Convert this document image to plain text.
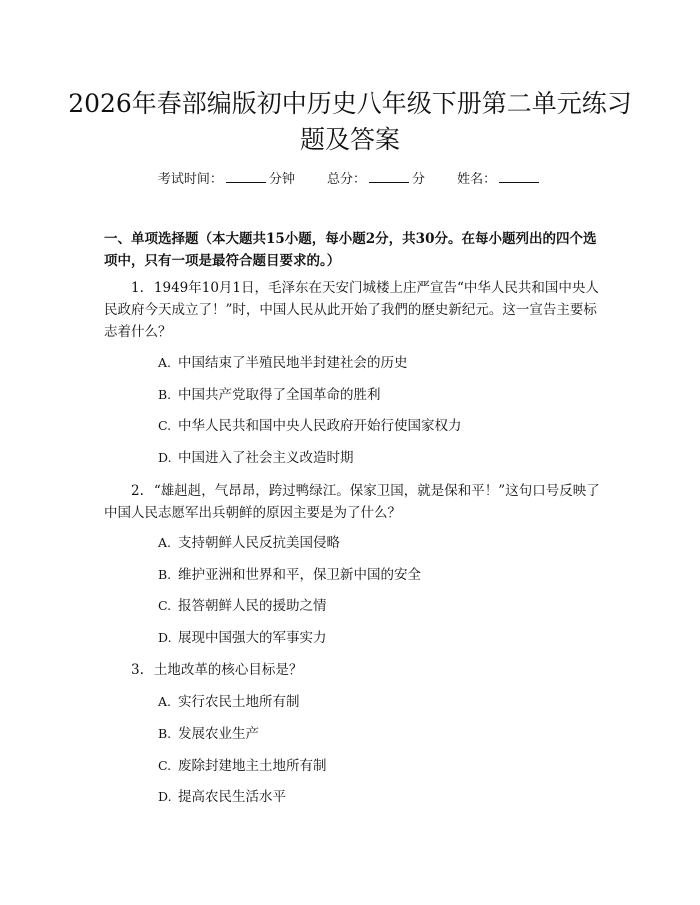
2026年春部编版初中历史八年级下册第二单元练习题及答案
考试时间：	分钟 总分：	分 姓名：
一、单项选择题（本大题共15小题，每小题2分，共30分。在每小题列出的四个选项中，只有一项是最符合题目要求的。）
1. 1949年10月1日，毛泽东在天安门城楼上庄严宣告“中华人民共和国中央人民政府今天成立了！”时，中国人民从此开始了我們的歷史新纪元。这一宣告主要标志着什么？
A. 中国结束了半殖民地半封建社会的历史
B. 中国共产党取得了全国革命的胜利
C. 中华人民共和国中央人民政府开始行使国家权力
D. 中国进入了社会主义改造时期
2. “雄赳赳，气昂昂，跨过鸭绿江。保家卫国，就是保和平！”这句口号反映了中国人民志愿军出兵朝鲜的原因主要是为了什么？
A. 支持朝鲜人民反抗美国侵略
B. 维护亚洲和世界和平，保卫新中国的安全
C. 报答朝鲜人民的援助之情
D. 展现中国强大的军事实力
3. 土地改革的核心目标是？
A. 实行农民土地所有制
B. 发展农业生产
C. 废除封建地主土地所有制
D. 提高农民生活水平
